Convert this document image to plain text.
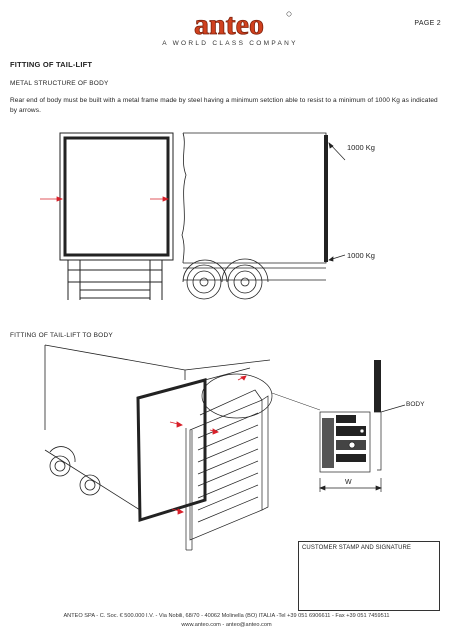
anteo
A WORLD CLASS COMPANY
PAGE 2
FITTING OF TAIL-LIFT
METAL STRUCTURE OF BODY
Rear end of body must be built with a metal frame made by steel having a minimum setction able to resist to a minimum of 1000 Kg as indicated by arrows.
1000 Kg
1000 Kg
FITTING OF TAIL-LIFT TO BODY
BODY
W
CUSTOMER STAMP AND SIGNATURE
ANTEO SPA - C. Soc. € 500.000 I.V. - Via Nobili, 68/70 - 40062 Molinella (BO) ITALIA -Tel +39 051 6906611 - Fax +39 051 7459511
www.anteo.com - anteo@anteo.com
